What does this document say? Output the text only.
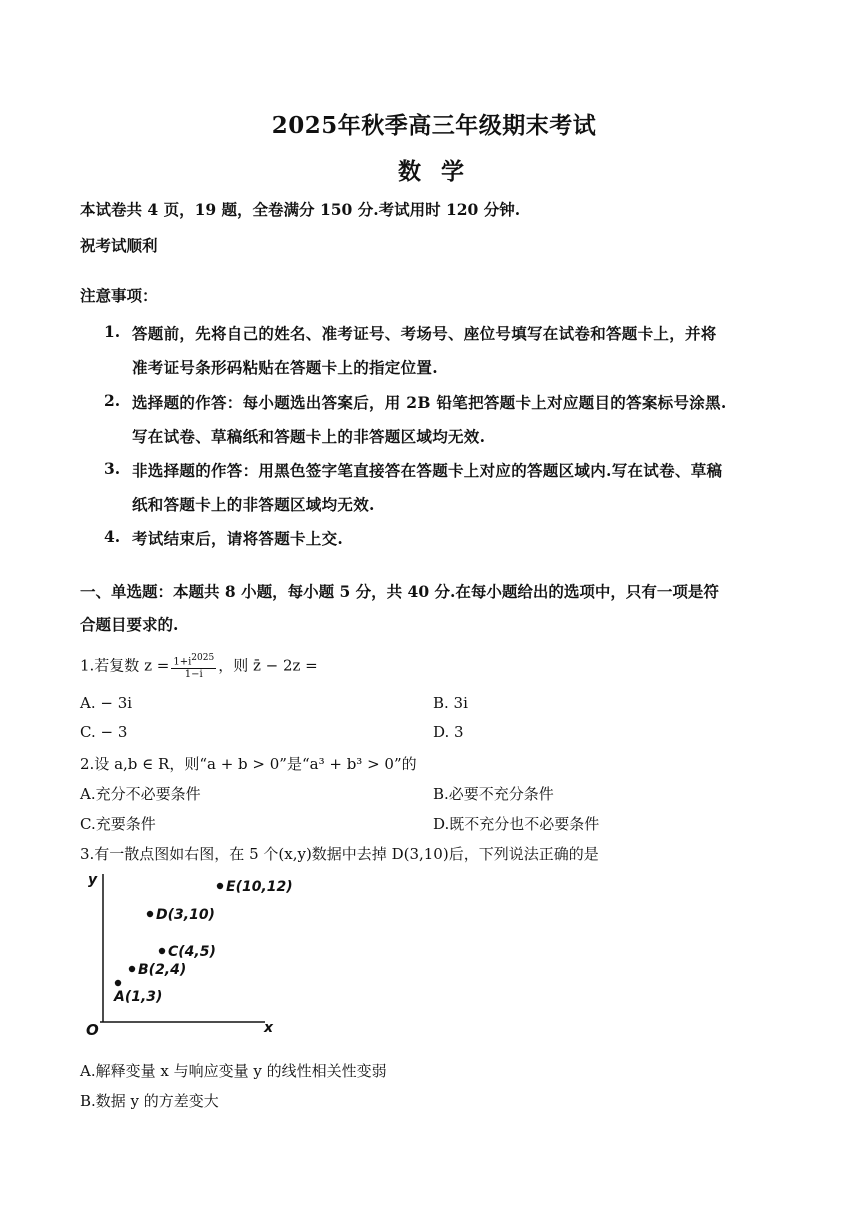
2025年秋季高三年级期末考试
数 学
本试卷共 4 页，19 题，全卷满分 150 分.考试用时 120 分钟.
祝考试顺利
注意事项：
1. 答题前，先将自己的姓名、准考证号、考场号、座位号填写在试卷和答题卡上，并将
准考证号条形码粘贴在答题卡上的指定位置.
2. 选择题的作答：每小题选出答案后，用 2B 铅笔把答题卡上对应题目的答案标号涂黑.
写在试卷、草稿纸和答题卡上的非答题区域均无效.
3. 非选择题的作答：用黑色签字笔直接答在答题卡上对应的答题区域内.写在试卷、草稿
纸和答题卡上的非答题区域均无效.
4. 考试结束后，请将答题卡上交.
一、单选题：本题共 8 小题，每小题 5 分，共 40 分.在每小题给出的选项中，只有一项是符
合题目要求的.
1.若复数 $z = \frac{1+i^{2025}}{1-i}$ ，则 z̄ − 2z =
A. − 3i	B. 3i
C. − 3	D. 3
2.设 a,b ∈ R，则“a + b > 0”是“a³ + b³ > 0”的
A.充分不必要条件	B.必要不充分条件
C.充要条件	D.既不充分也不必要条件
3.有一散点图如右图，在 5 个(x,y)数据中去掉 D(3,10)后，下列说法正确的是
y
x
O
A(1,3)
B(2,4)
C(4,5)
D(3,10)
E(10,12)
A.解释变量 x 与响应变量 y 的线性相关性变弱
B.数据 y 的方差变大
